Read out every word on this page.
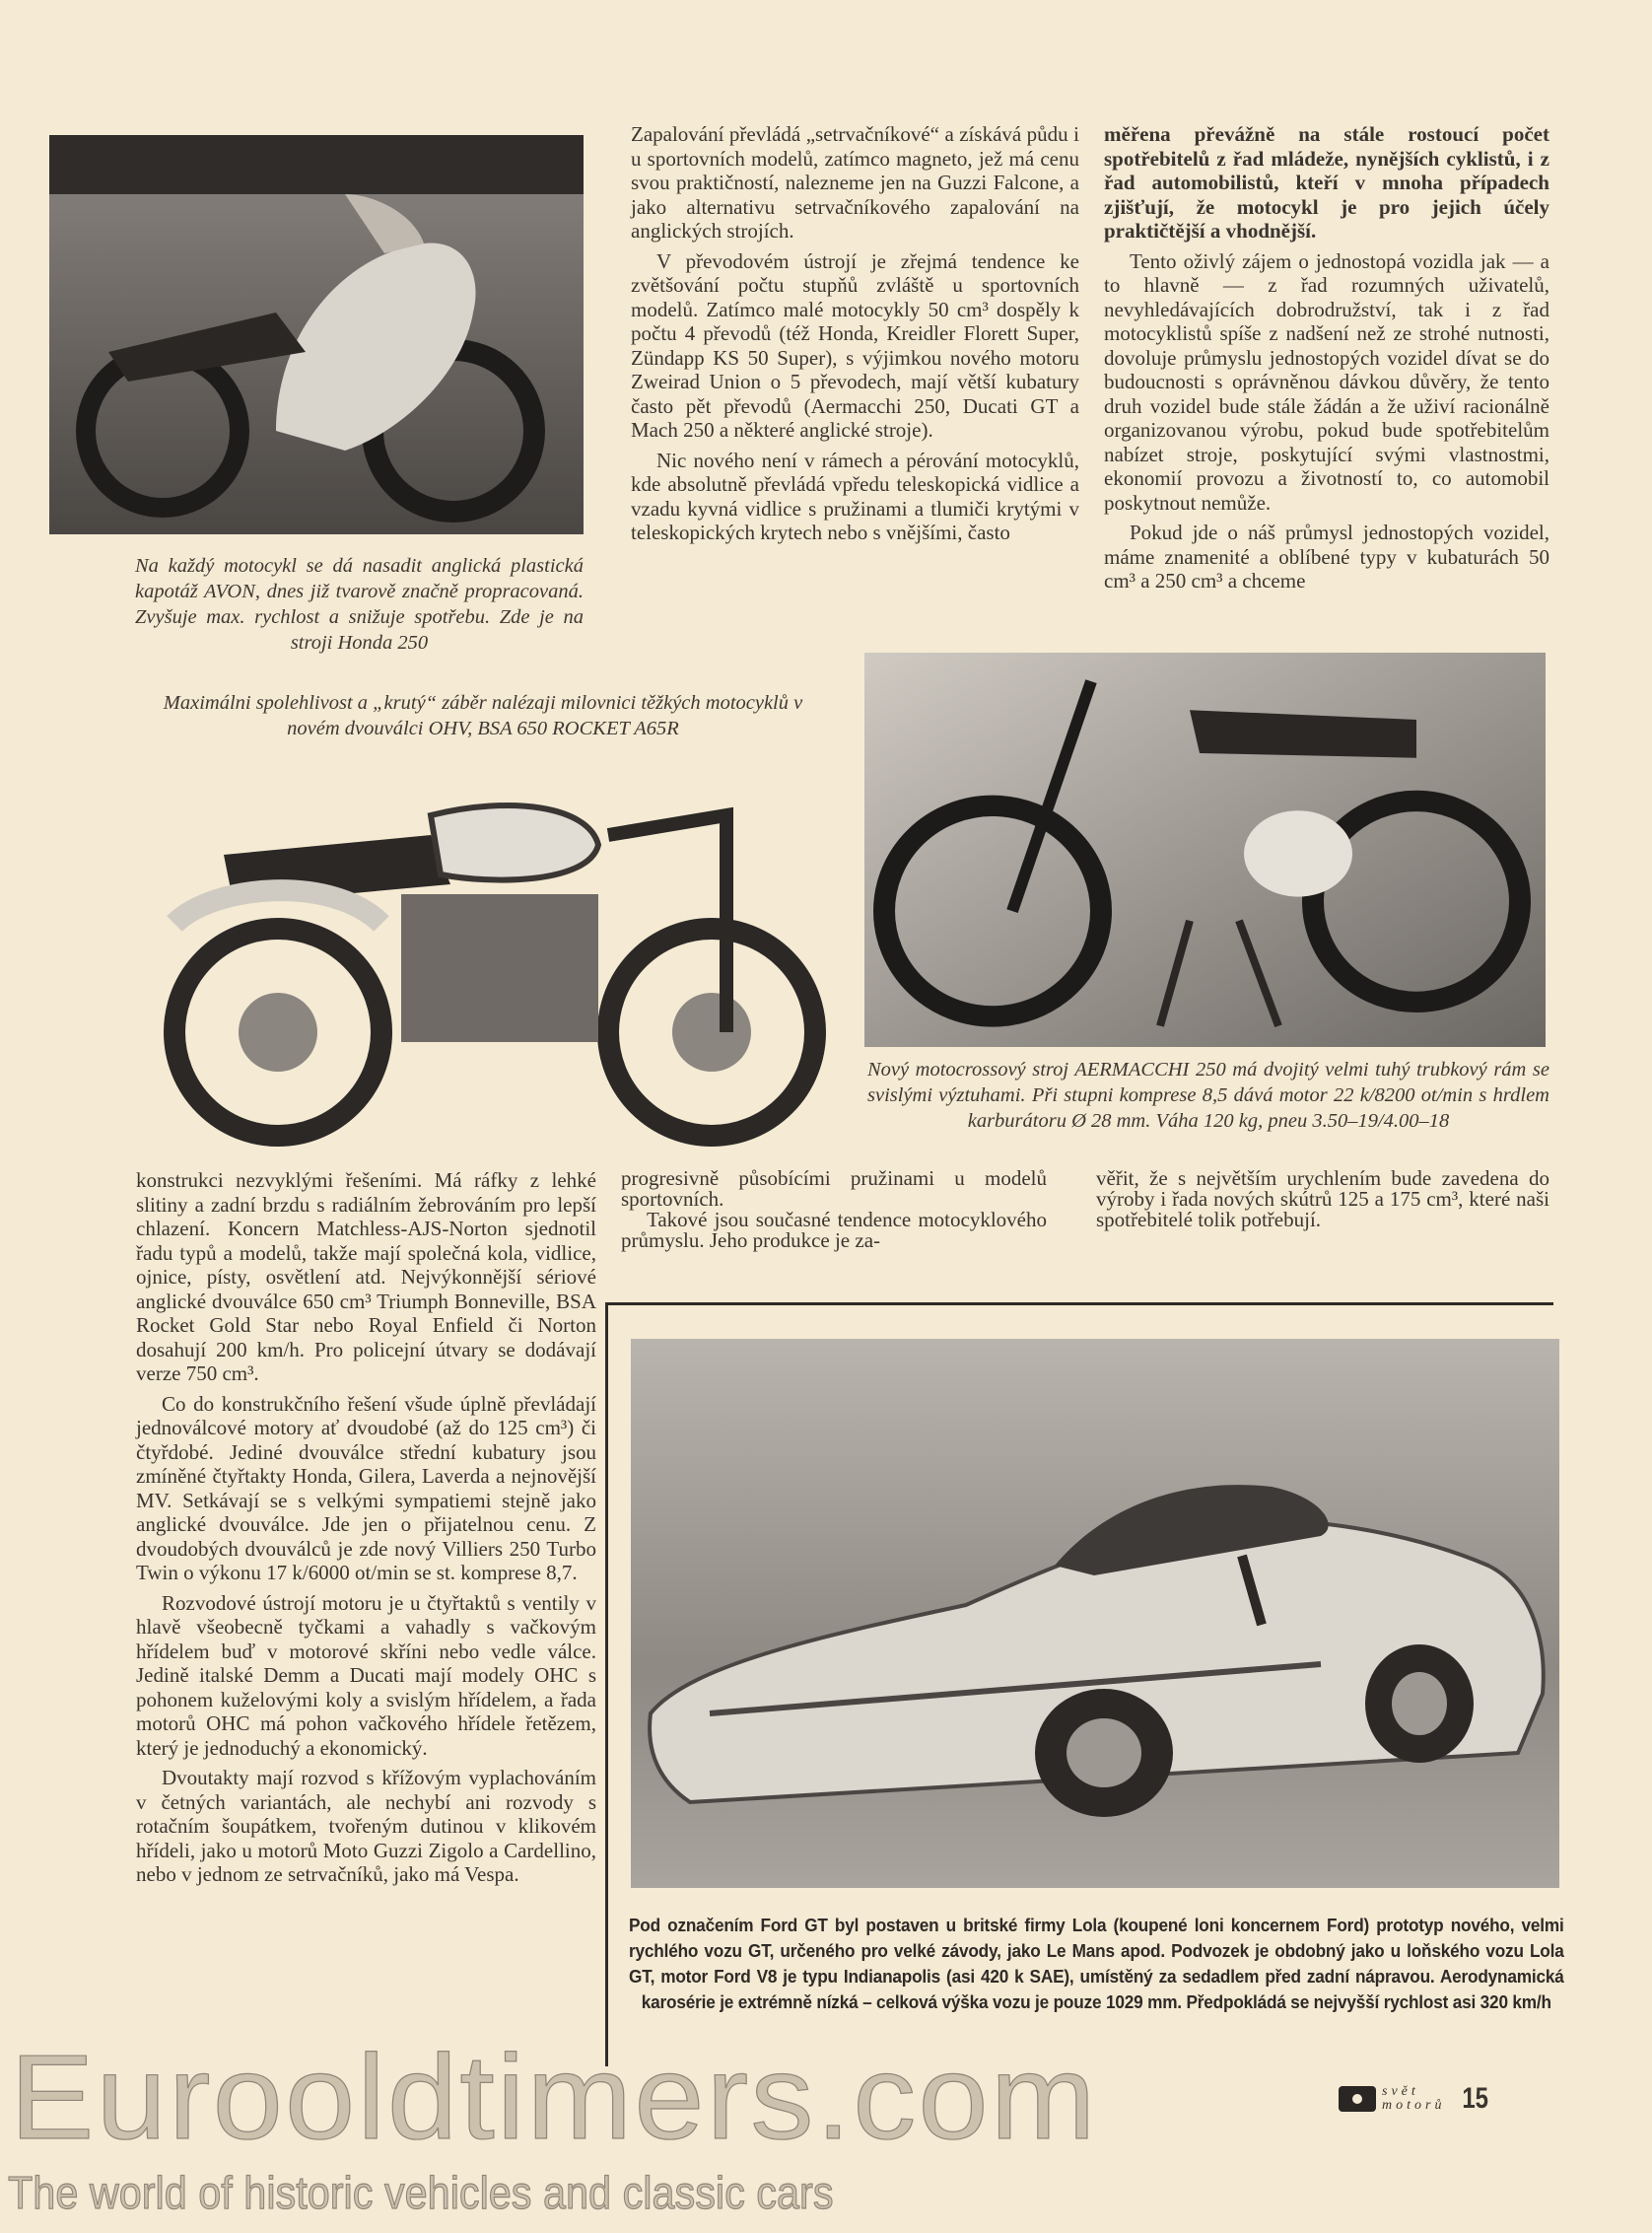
Na každý motocykl se dá nasadit anglická plastická kapotáž AVON, dnes již tvarově značně propracovaná. Zvyšuje max. rychlost a snižuje spotřebu. Zde je na stroji Honda 250

Zapalování převládá „setrvačníkové“ a získává půdu i u sportovních modelů, zatímco magneto, jež má cenu svou praktičností, nalezneme jen na Guzzi Falcone, a jako alternativu setrvačníkového zapalování na anglických strojích.

V převodovém ústrojí je zřejmá tendence ke zvětšování počtu stupňů zvláště u sportovních modelů. Zatímco malé motocykly 50 cm³ dospěly k počtu 4 převodů (též Honda, Kreidler Florett Super, Zündapp KS 50 Super), s výjimkou nového motoru Zweirad Union o 5 převodech, mají větší kubatury často pět převodů (Aermacchi 250, Ducati GT a Mach 250 a některé anglické stroje).

Nic nového není v rámech a pérování motocyklů, kde absolutně převládá vpředu teleskopická vidlice a vzadu kyvná vidlice s pružinami a tlumiči krytými v teleskopických krytech nebo s vnějšími, často

měřena převážně na stále rostoucí počet spotřebitelů z řad mládeže, nynějších cyklistů, i z řad automobilistů, kteří v mnoha případech zjišťují, že motocykl je pro jejich účely praktičtější a vhodnější.

Tento oživlý zájem o jednostopá vozidla jak — a to hlavně — z řad rozumných uživatelů, nevyhledávajících dobrodružství, tak i z řad motocyklistů spíše z nadšení než ze strohé nutnosti, dovoluje průmyslu jednostopých vozidel dívat se do budoucnosti s oprávněnou dávkou důvěry, že tento druh vozidel bude stále žádán a že uživí racionálně organizovanou výrobu, pokud bude spotřebitelům nabízet stroje, poskytující svými vlastnostmi, ekonomií provozu a životností to, co automobil poskytnout nemůže.

Pokud jde o náš průmysl jednostopých vozidel, máme znamenité a oblíbené typy v kubaturách 50 cm³ a 250 cm³ a chceme

Maximálni spolehlivost a „krutý“ záběr nalézaji milovnici těžkých motocyklů v novém dvouválci OHV, BSA 650 ROCKET A65R
Nový motocrossový stroj AERMACCHI 250 má dvojitý velmi tuhý trubkový rám se svislými výztuhami. Při stupni komprese 8,5 dává motor 22 k/8200 ot/min s hrdlem karburátoru Ø 28 mm. Váha 120 kg, pneu 3.50–19/4.00–18

konstrukci nezvyklými řešeními. Má ráfky z lehké slitiny a zadní brzdu s radiálním žebrováním pro lepší chlazení. Koncern Matchless-AJS-Norton sjednotil řadu typů a modelů, takže mají společná kola, vidlice, ojnice, písty, osvětlení atd. Nejvýkonnější sériové anglické dvouválce 650 cm³ Triumph Bonneville, BSA Rocket Gold Star nebo Royal Enfield či Norton dosahují 200 km/h. Pro policejní útvary se dodávají verze 750 cm³.

Co do konstrukčního řešení všude úplně převládají jednoválcové motory ať dvoudobé (až do 125 cm³) či čtyřdobé. Jediné dvouválce střední kubatury jsou zmíněné čtyřtakty Honda, Gilera, Laverda a nejnovější MV. Setkávají se s velkými sympatiemi stejně jako anglické dvouválce. Jde jen o přijatelnou cenu. Z dvoudobých dvouválců je zde nový Villiers 250 Turbo Twin o výkonu 17 k/6000 ot/min se st. komprese 8,7.

Rozvodové ústrojí motoru je u čtyřtaktů s ventily v hlavě všeobecně tyčkami a vahadly s vačkovým hřídelem buď v motorové skříni nebo vedle válce. Jedině italské Demm a Ducati mají modely OHC s pohonem kuželovými koly a svislým hřídelem, a řada motorů OHC má pohon vačkového hřídele řetězem, který je jednoduchý a ekonomický.

Dvoutakty mají rozvod s křížovým vyplachováním v četných variantách, ale nechybí ani rozvody s rotačním šoupátkem, tvořeným dutinou v klikovém hřídeli, jako u motorů Moto Guzzi Zigolo a Cardellino, nebo v jednom ze setrvačníků, jako má Vespa.

progresivně působícími pružinami u modelů sportovních.

Takové jsou současné tendence motocyklového průmyslu. Jeho produkce je za-

věřit, že s největším urychlením bude zavedena do výroby i řada nových skútrů 125 a 175 cm³, které naši spotřebitelé tolik potřebují.

Pod označením Ford GT byl postaven u britské firmy Lola (koupené loni koncernem Ford) prototyp nového, velmi rychlého vozu GT, určeného pro velké závody, jako Le Mans apod. Podvozek je obdobný jako u loňského vozu Lola GT, motor Ford V8 je typu Indianapolis (asi 420 k SAE), umístěný za sedadlem před zadní nápravou. Aerodynamická karosérie je extrémně nízká – celková výška vozu je pouze 1029 mm. Předpokládá se nejvyšší rychlost asi 320 km/h
Eurooldtimers.com
The world of historic vehicles and classic cars
svět
motorů 15
